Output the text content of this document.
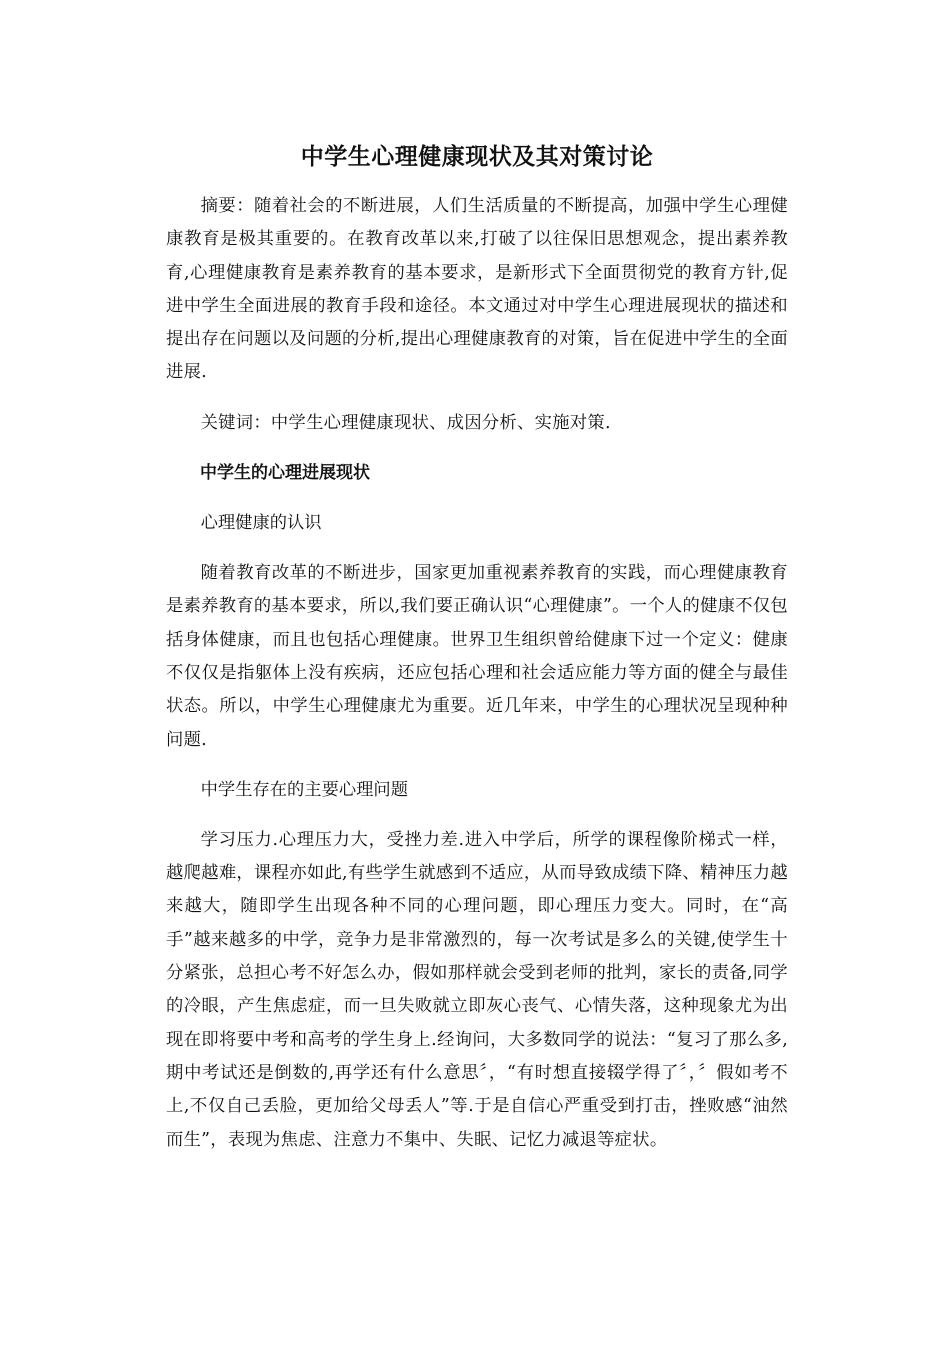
中学生心理健康现状及其对策讨论

摘要：随着社会的不断进展，人们生活质量的不断提高，加强中学生心理健康教育是极其重要的。在教育改革以来,打破了以往保旧思想观念，提出素养教育,心理健康教育是素养教育的基本要求，是新形式下全面贯彻党的教育方针,促进中学生全面进展的教育手段和途径。本文通过对中学生心理进展现状的描述和提出存在问题以及问题的分析,提出心理健康教育的对策，旨在促进中学生的全面进展.

关键词：中学生心理健康现状、成因分析、实施对策.

中学生的心理进展现状
心理健康的认识

随着教育改革的不断进步，国家更加重视素养教育的实践，而心理健康教育是素养教育的基本要求，所以,我们要正确认识“心理健康”。一个人的健康不仅包括身体健康，而且也包括心理健康。世界卫生组织曾给健康下过一个定义：健康不仅仅是指躯体上没有疾病，还应包括心理和社会适应能力等方面的健全与最佳状态。所以，中学生心理健康尤为重要。近几年来，中学生的心理状况呈现种种问题.

中学生存在的主要心理问题

学习压力.心理压力大，受挫力差.进入中学后，所学的课程像阶梯式一样，越爬越难，课程亦如此,有些学生就感到不适应，从而导致成绩下降、精神压力越来越大，随即学生出现各种不同的心理问题，即心理压力变大。同时，在“高手”越来越多的中学，竞争力是非常激烈的，每一次考试是多么的关键,使学生十分紧张，总担心考不好怎么办，假如那样就会受到老师的批判，家长的责备,同学的冷眼，产生焦虑症，而一旦失败就立即灰心丧气、心情失落，这种现象尤为出现在即将要中考和高考的学生身上.经询问，大多数同学的说法：“复习了那么多,期中考试还是倒数的,再学还有什么意思〞，“有时想直接辍学得了〞，〞假如考不上,不仅自己丢脸，更加给父母丢人”等.于是自信心严重受到打击，挫败感“油然而生”，表现为焦虑、注意力不集中、失眠、记忆力减退等症状。
